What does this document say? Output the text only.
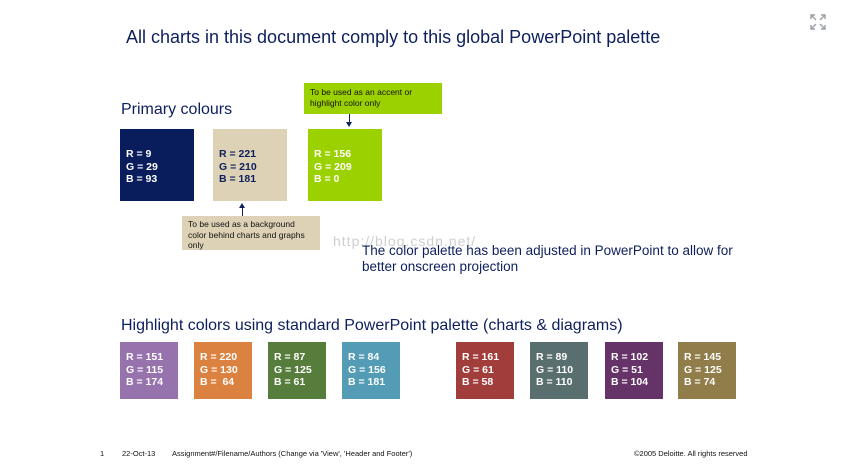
All charts in this document comply to this global PowerPoint palette
Primary colours
To be used as an accent or highlight color only
R = 9
G = 29
B = 93
R = 221
G = 210
B = 181
R = 156
G = 209
B = 0
To be used as a background color behind charts and graphs only	http://blog.csdn.net/
The color palette has been adjusted in PowerPoint to allow for better onscreen projection
Highlight colors using standard PowerPoint palette (charts & diagrams)
R = 151
G = 115
B = 174
R = 220
G = 130
B =  64
R = 87
G = 125
B = 61
R = 84
G = 156
B = 181
R = 161
G = 61
B = 58
R = 89
G = 110
B = 110
R = 102
G = 51
B = 104
R = 145
G = 125
B = 74
1 22-Oct-13 Assignment#/Filename/Authors (Change via 'View', 'Header and Footer')	©2005 Deloitte. All rights reserved
